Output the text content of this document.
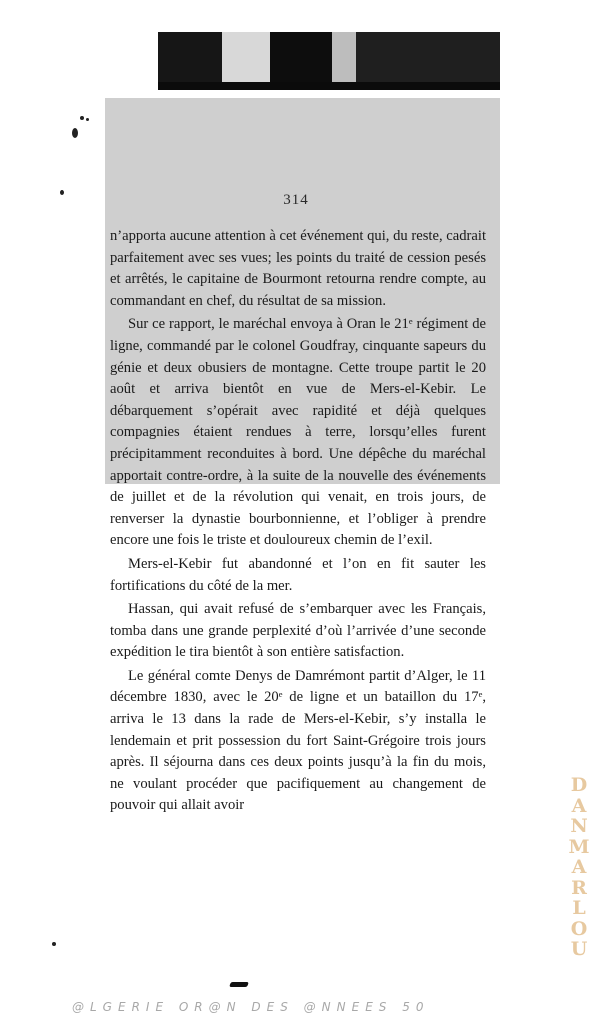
314

n’apporta aucune attention à cet événement qui, du reste, cadrait parfaitement avec ses vues; les points du traité de cession pesés et arrêtés, le capitaine de Bourmont retourna rendre compte, au commandant en chef, du résultat de sa mission.

Sur ce rapport, le maréchal envoya à Oran le 21ᵉ régiment de ligne, commandé par le colonel Goudfray, cinquante sapeurs du génie et deux obusiers de montagne. Cette troupe partit le 20 août et arriva bientôt en vue de Mers-el-Kebir. Le débarquement s’opérait avec rapidité et déjà quelques compagnies étaient rendues à terre, lorsqu’elles furent précipitamment reconduites à bord. Une dépêche du maréchal apportait contre-ordre, à la suite de la nouvelle des événements de juillet et de la révolution qui venait, en trois jours, de renverser la dynastie bourbonnienne, et l’obliger à prendre encore une fois le triste et douloureux chemin de l’exil.

Mers-el-Kebir fut abandonné et l’on en fit sauter les fortifications du côté de la mer.

Hassan, qui avait refusé de s’embarquer avec les Français, tomba dans une grande perplexité d’où l’arrivée d’une seconde expédition le tira bientôt à son entière satisfaction.

Le général comte Denys de Damrémont partit d’Alger, le 11 décembre 1830, avec le 20ᵉ de ligne et un bataillon du 17ᵉ, arriva le 13 dans la rade de Mers-el-Kebir, s’y installa le lendemain et prit possession du fort Saint-Grégoire trois jours après. Il séjourna dans ces deux points jusqu’à la fin du mois, ne voulant procéder que pacifiquement au changement de pouvoir qui allait avoir

D
A
N
M
A
R
L
O
U
@LGERIE OR@N DES @NNEES 50
